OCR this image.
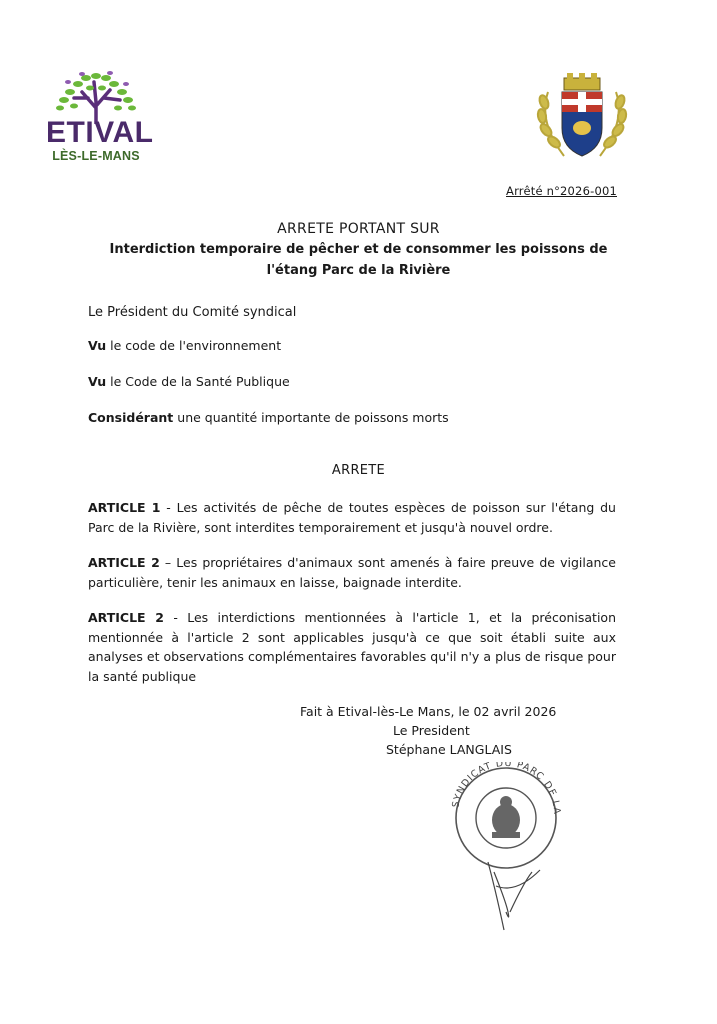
ETIVAL
LÈS-LE-MANS
Arrêté n°2026-001
ARRETE PORTANT SUR
Interdiction temporaire de pêcher et de consommer les poissons de
l'étang Parc de la Rivière
Le Président du Comité syndical
Vu le code de l'environnement
Vu le Code de la Santé Publique
Considérant une quantité importante de poissons morts
ARRETE
ARTICLE 1 - Les activités de pêche de toutes espèces de poisson sur l'étang du Parc de la Rivière, sont interdites temporairement et jusqu'à nouvel ordre.
ARTICLE 2 – Les propriétaires d'animaux sont amenés à faire preuve de vigilance particulière, tenir les animaux en laisse, baignade interdite.
ARTICLE 2 - Les interdictions mentionnées à l'article 1, et la préconisation mentionnée à l'article 2 sont applicables jusqu'à ce que soit établi suite aux analyses et observations complémentaires favorables qu'il n'y a plus de risque pour la santé publique
Fait à Etival-lès-Le Mans, le 02 avril 2026
Le President
Stéphane LANGLAIS
SYNDICAT DU PARC DE LA
